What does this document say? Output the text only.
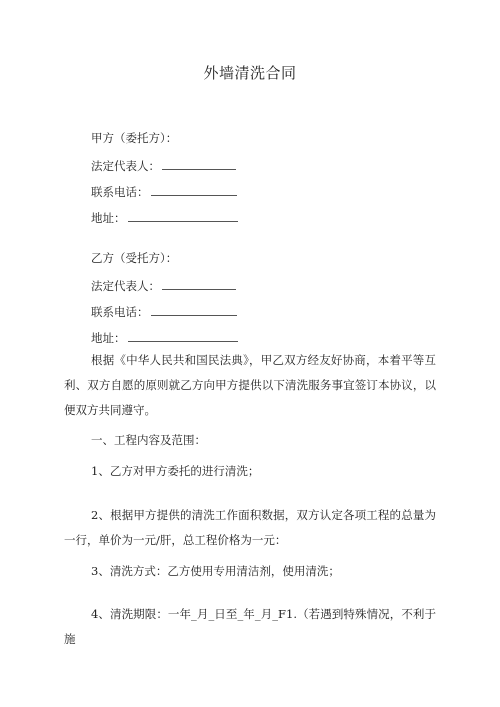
外墙清洗合同
甲方（委托方）：
法定代表人：
联系电话：
地址：
乙方（受托方）：
法定代表人：
联系电话：
地址：
根据《中华人民共和国民法典》，甲乙双方经友好协商，本着平等互利、双方自愿的原则就乙方向甲方提供以下清洗服务事宜签订本协议，以便双方共同遵守。
一、工程内容及范围：
1、乙方对甲方委托的进行清洗；
2、根据甲方提供的清洗工作面积数据，双方认定各项工程的总量为一行，单价为一元/肝，总工程价格为一元：
3、清洗方式：乙方使用专用清洁剂，使用清洗；
4、清洗期限：一年_月_日至_年_月_F1.（若遇到特殊情况，不利于施
